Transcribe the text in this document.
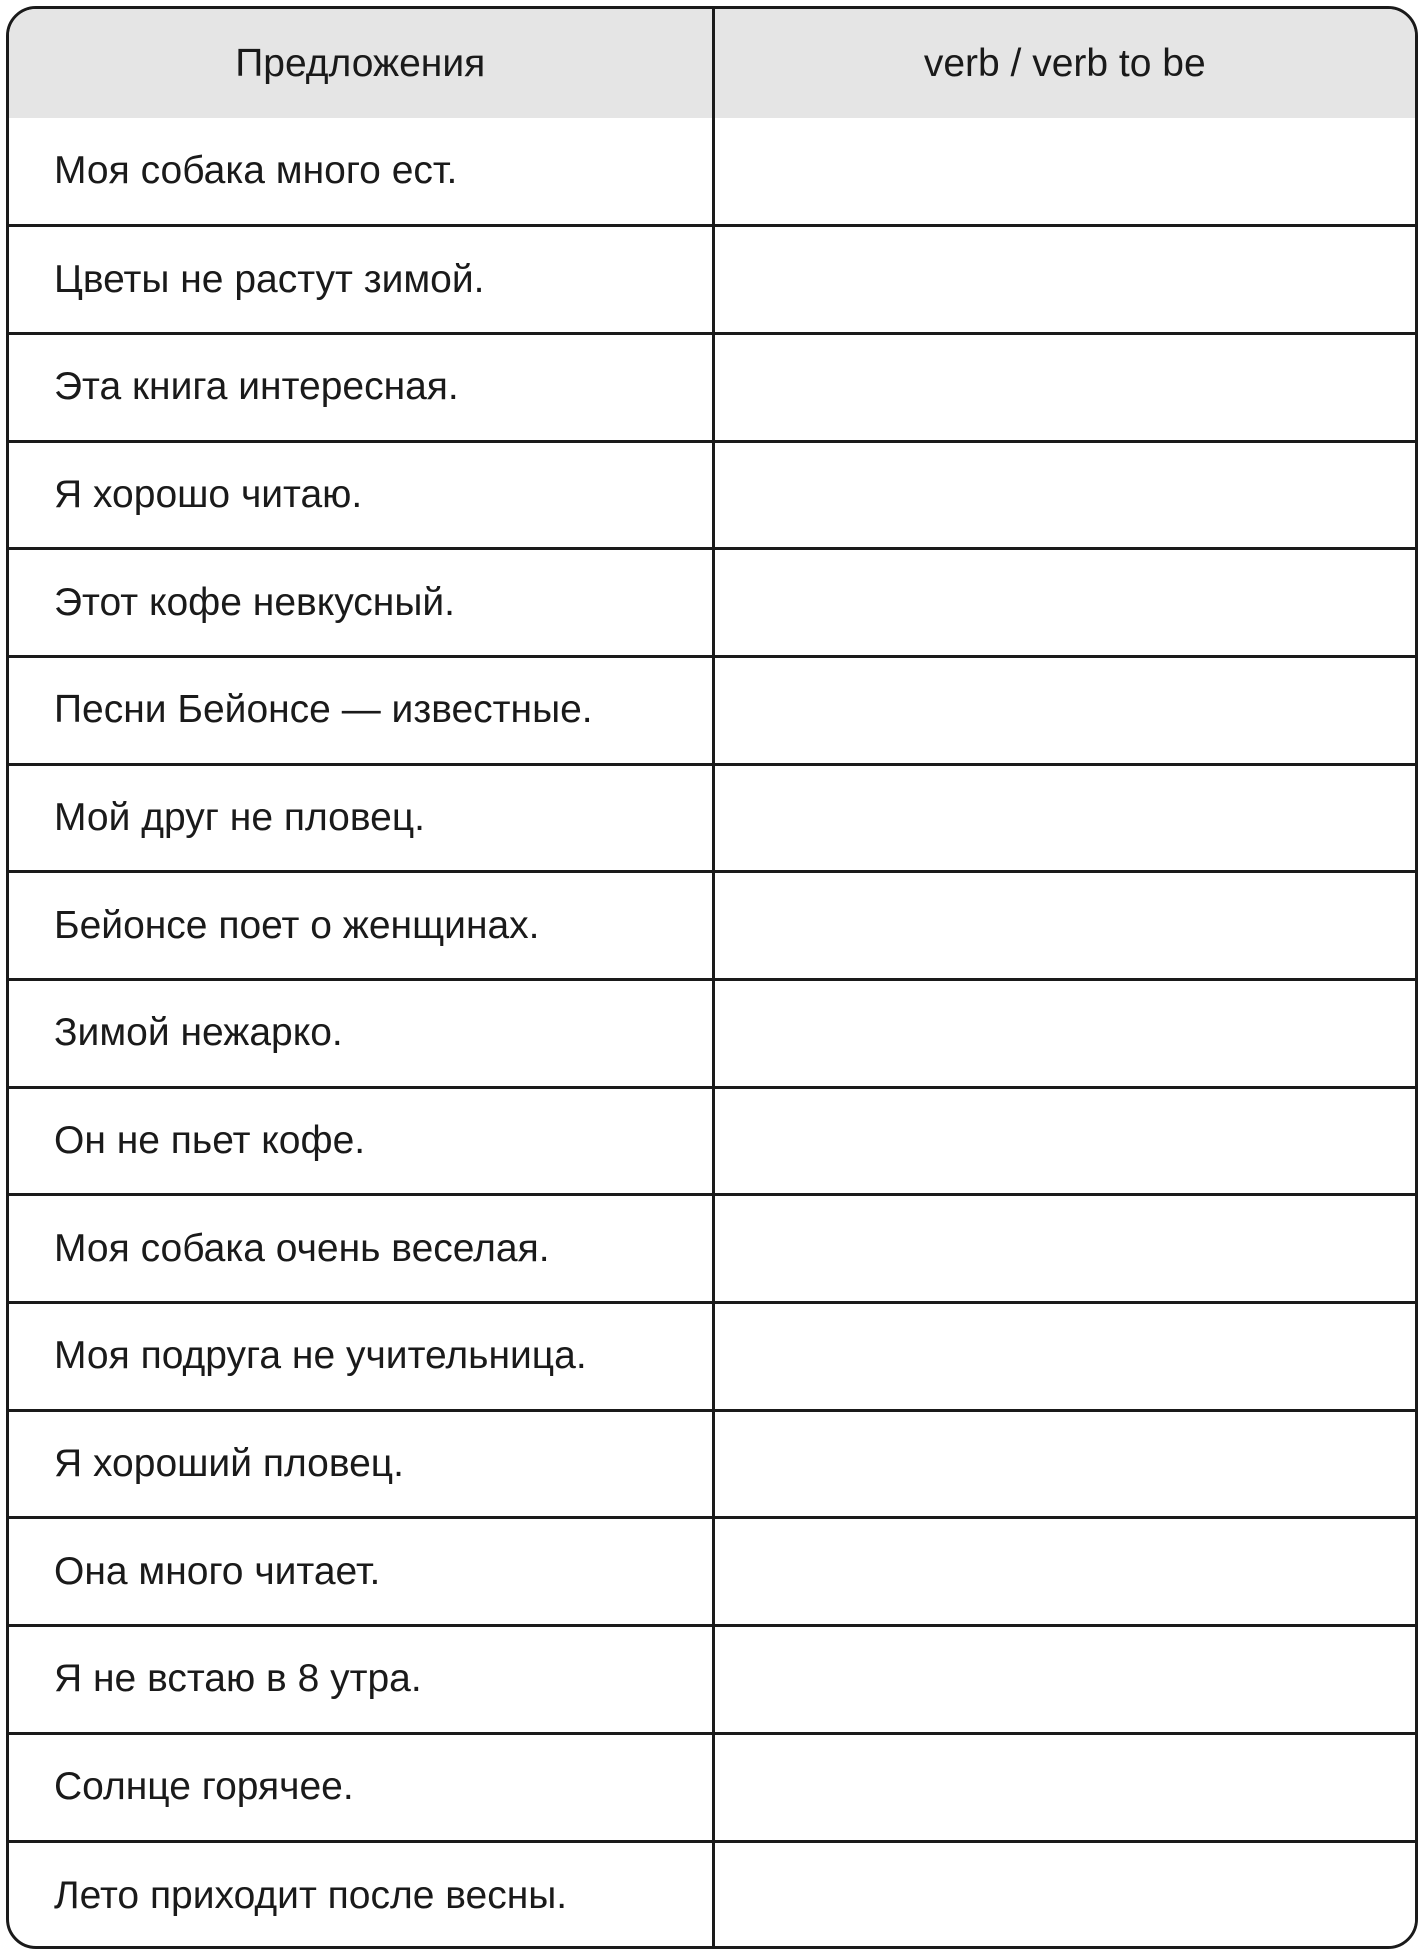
Предложения	verb / verb to be
Моя собака много ест.	
Цветы не растут зимой.	
Эта книга интересная.	
Я хорошо читаю.	
Этот кофе невкусный.	
Песни Бейонсе — известные.	
Мой друг не пловец.	
Бейонсе поет о женщинах.	
Зимой нежарко.	
Он не пьет кофе.	
Моя собака очень веселая.	
Моя подруга не учительница.	
Я хороший пловец.	
Она много читает.	
Я не встаю в 8 утра.	
Солнце горячее.	
Лето приходит после весны.	
